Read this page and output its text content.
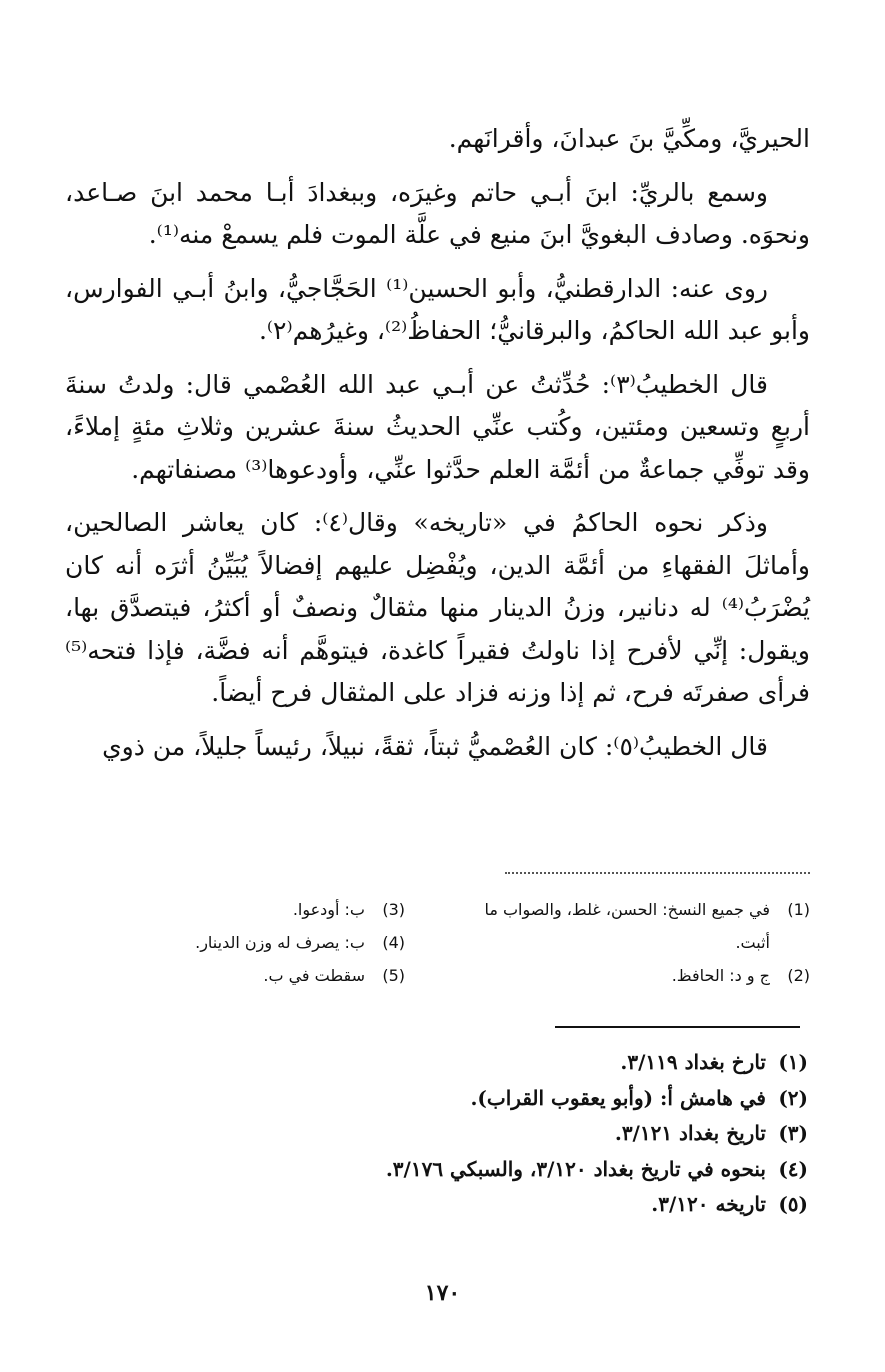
الحيريَّ، ومكِّيَّ بنَ عبدانَ، وأقرانَهم.

وسمع بالريِّ: ابنَ أبـي حاتم وغيرَه، وببغدادَ أبـا محمد ابنَ صـاعد، ونحوَه. وصادف البغويَّ ابنَ منيع في علَّة الموت فلم يسمعْ منه⁽¹⁾.

روى عنه: الدارقطنيُّ، وأبو الحسين⁽¹⁾ الحَجَّاجيُّ، وابنُ أبـي الفوارس، وأبو عبد الله الحاكمُ، والبرقانيُّ؛ الحفاظُ⁽²⁾، وغيرُهم⁽٢⁾.

قال الخطيبُ⁽٣⁾: حُدِّثتُ عن أبـي عبد الله العُصْمي قال: ولدتُ سنةَ أربعٍ وتسعين ومئتين، وكُتب عنِّي الحديثُ سنةَ عشرين وثلاثِ مئةٍ إملاءً، وقد توفِّي جماعةٌ من أئمَّة العلم حدَّثوا عنِّي، وأودعوها⁽³⁾ مصنفاتهم.

وذكر نحوه الحاكمُ في «تاريخه» وقال⁽٤⁾: كان يعاشر الصالحين، وأماثلَ الفقهاءِ من أئمَّة الدين، ويُفْضِل عليهم إفضالاً يُبَيِّنُ أثرَه أنه كان يُضْرَبُ⁽⁴⁾ له دنانير، وزنُ الدينار منها مثقالٌ ونصفٌ أو أكثرُ، فيتصدَّق بها، ويقول: إنِّي لأفرح إذا ناولتُ فقيراً كاغدة، فيتوهَّم أنه فضَّة، فإذا فتحه⁽⁵⁾ فرأى صفرتَه فرح، ثم إذا وزنه فزاد على المثقال فرح أيضاً.

قال الخطيبُ⁽٥⁾: كان العُصْميُّ ثبتاً، ثقةً، نبيلاً، رئيساً جليلاً، من ذوي

(1)
في جميع النسخ: الحسن، غلط، والصواب ما أثبت.
(2)
ج و د: الحافظ.
(3)
ب: أودعوا.
(4)
ب: يصرف له وزن الدينار.
(5)
سقطت في ب.
(١)
تارخ بغداد ٣/١١٩.
(٢)
في هامش أ: (وأبو يعقوب القراب).
(٣)
تاريخ بغداد ٣/١٢١.
(٤)
بنحوه في تاريخ بغداد ٣/١٢٠، والسبكي ٣/١٧٦.
(٥)
تاريخه ٣/١٢٠.
١٧٠
